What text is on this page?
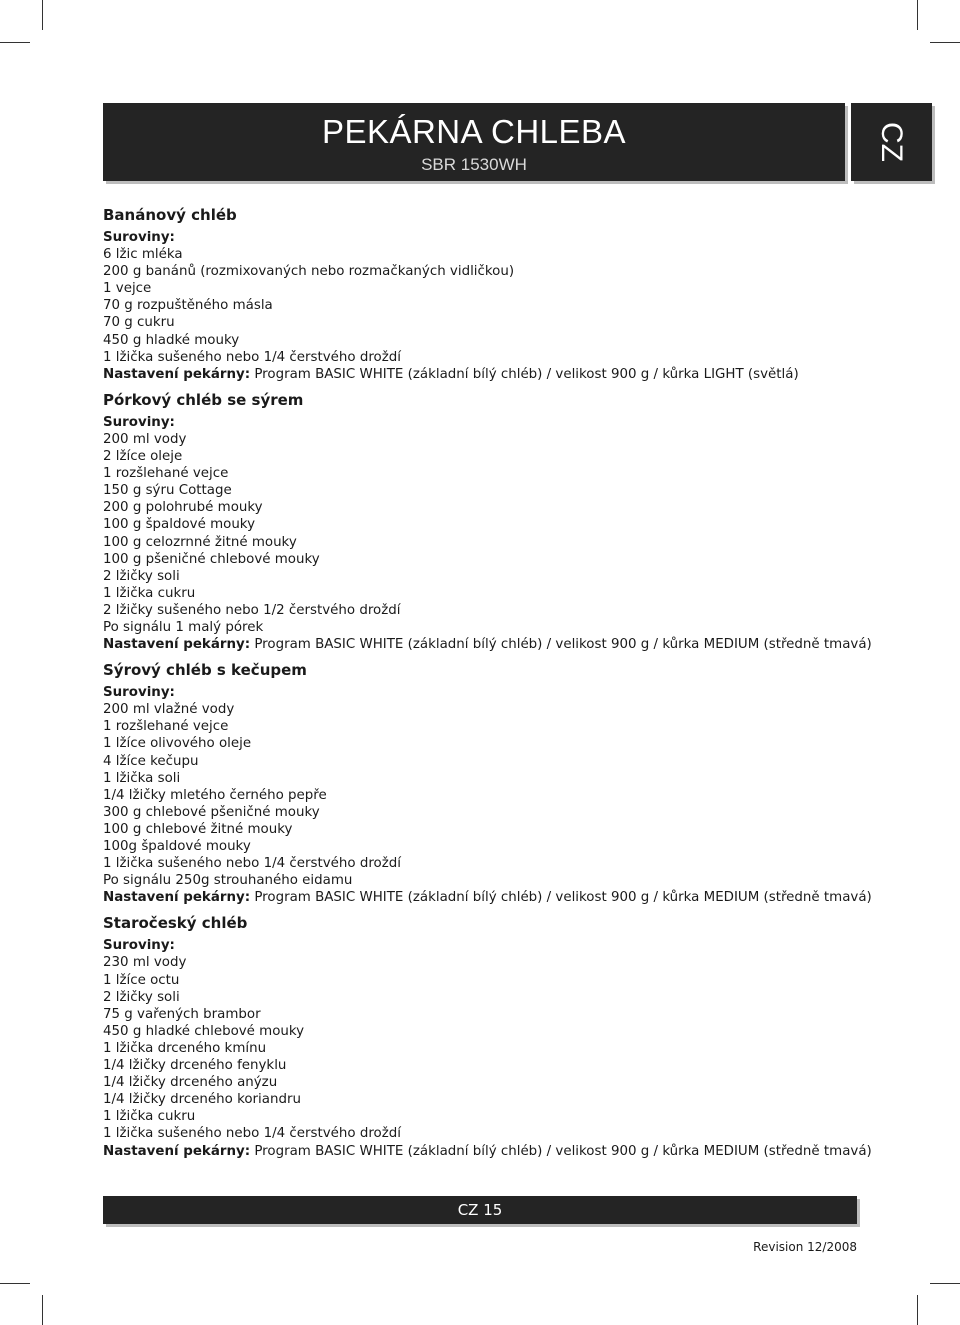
PEKÁRNA CHLEBA
SBR 1530WH
CZ
Banánový chléb
Suroviny:
6 lžic mléka
200 g banánů (rozmixovaných nebo rozmačkaných vidličkou)
1 vejce
70 g rozpuštěného másla
70 g cukru
450 g hladké mouky
1 lžička sušeného nebo 1/4 čerstvého droždí
Nastavení pekárny: Program BASIC WHITE (základní bílý chléb) / velikost 900 g / kůrka LIGHT (světlá)
Pórkový chléb se sýrem
Suroviny:
200 ml vody
2 lžíce oleje
1 rozšlehané vejce
150 g sýru Cottage
200 g polohrubé mouky
100 g špaldové mouky
100 g celozrnné žitné mouky
100 g pšeničné chlebové mouky
2 lžičky soli
1 lžička cukru
2 lžičky sušeného nebo 1/2 čerstvého droždí
Po signálu 1 malý pórek
Nastavení pekárny: Program BASIC WHITE (základní bílý chléb) / velikost 900 g / kůrka MEDIUM (středně tmavá)
Sýrový chléb s kečupem
Suroviny:
200 ml vlažné vody
1 rozšlehané vejce
1 lžíce olivového oleje
4 lžíce kečupu
1 lžička soli
1/4 lžičky mletého černého pepře
300 g chlebové pšeničné mouky
100 g chlebové žitné mouky
100g špaldové mouky
1 lžička sušeného nebo 1/4 čerstvého droždí
Po signálu 250g strouhaného eidamu
Nastavení pekárny: Program BASIC WHITE (základní bílý chléb) / velikost 900 g / kůrka MEDIUM (středně tmavá)
Staročeský chléb
Suroviny:
230 ml vody
1 lžíce octu
2 lžičky soli
75 g vařených brambor
450 g hladké chlebové mouky
1 lžička drceného kmínu
1/4 lžičky drceného fenyklu
1/4 lžičky drceného anýzu
1/4 lžičky drceného koriandru
1 lžička cukru
1 lžička sušeného nebo 1/4 čerstvého droždí
Nastavení pekárny: Program BASIC WHITE (základní bílý chléb) / velikost 900 g / kůrka MEDIUM (středně tmavá)
CZ 15
Revision 12/2008
